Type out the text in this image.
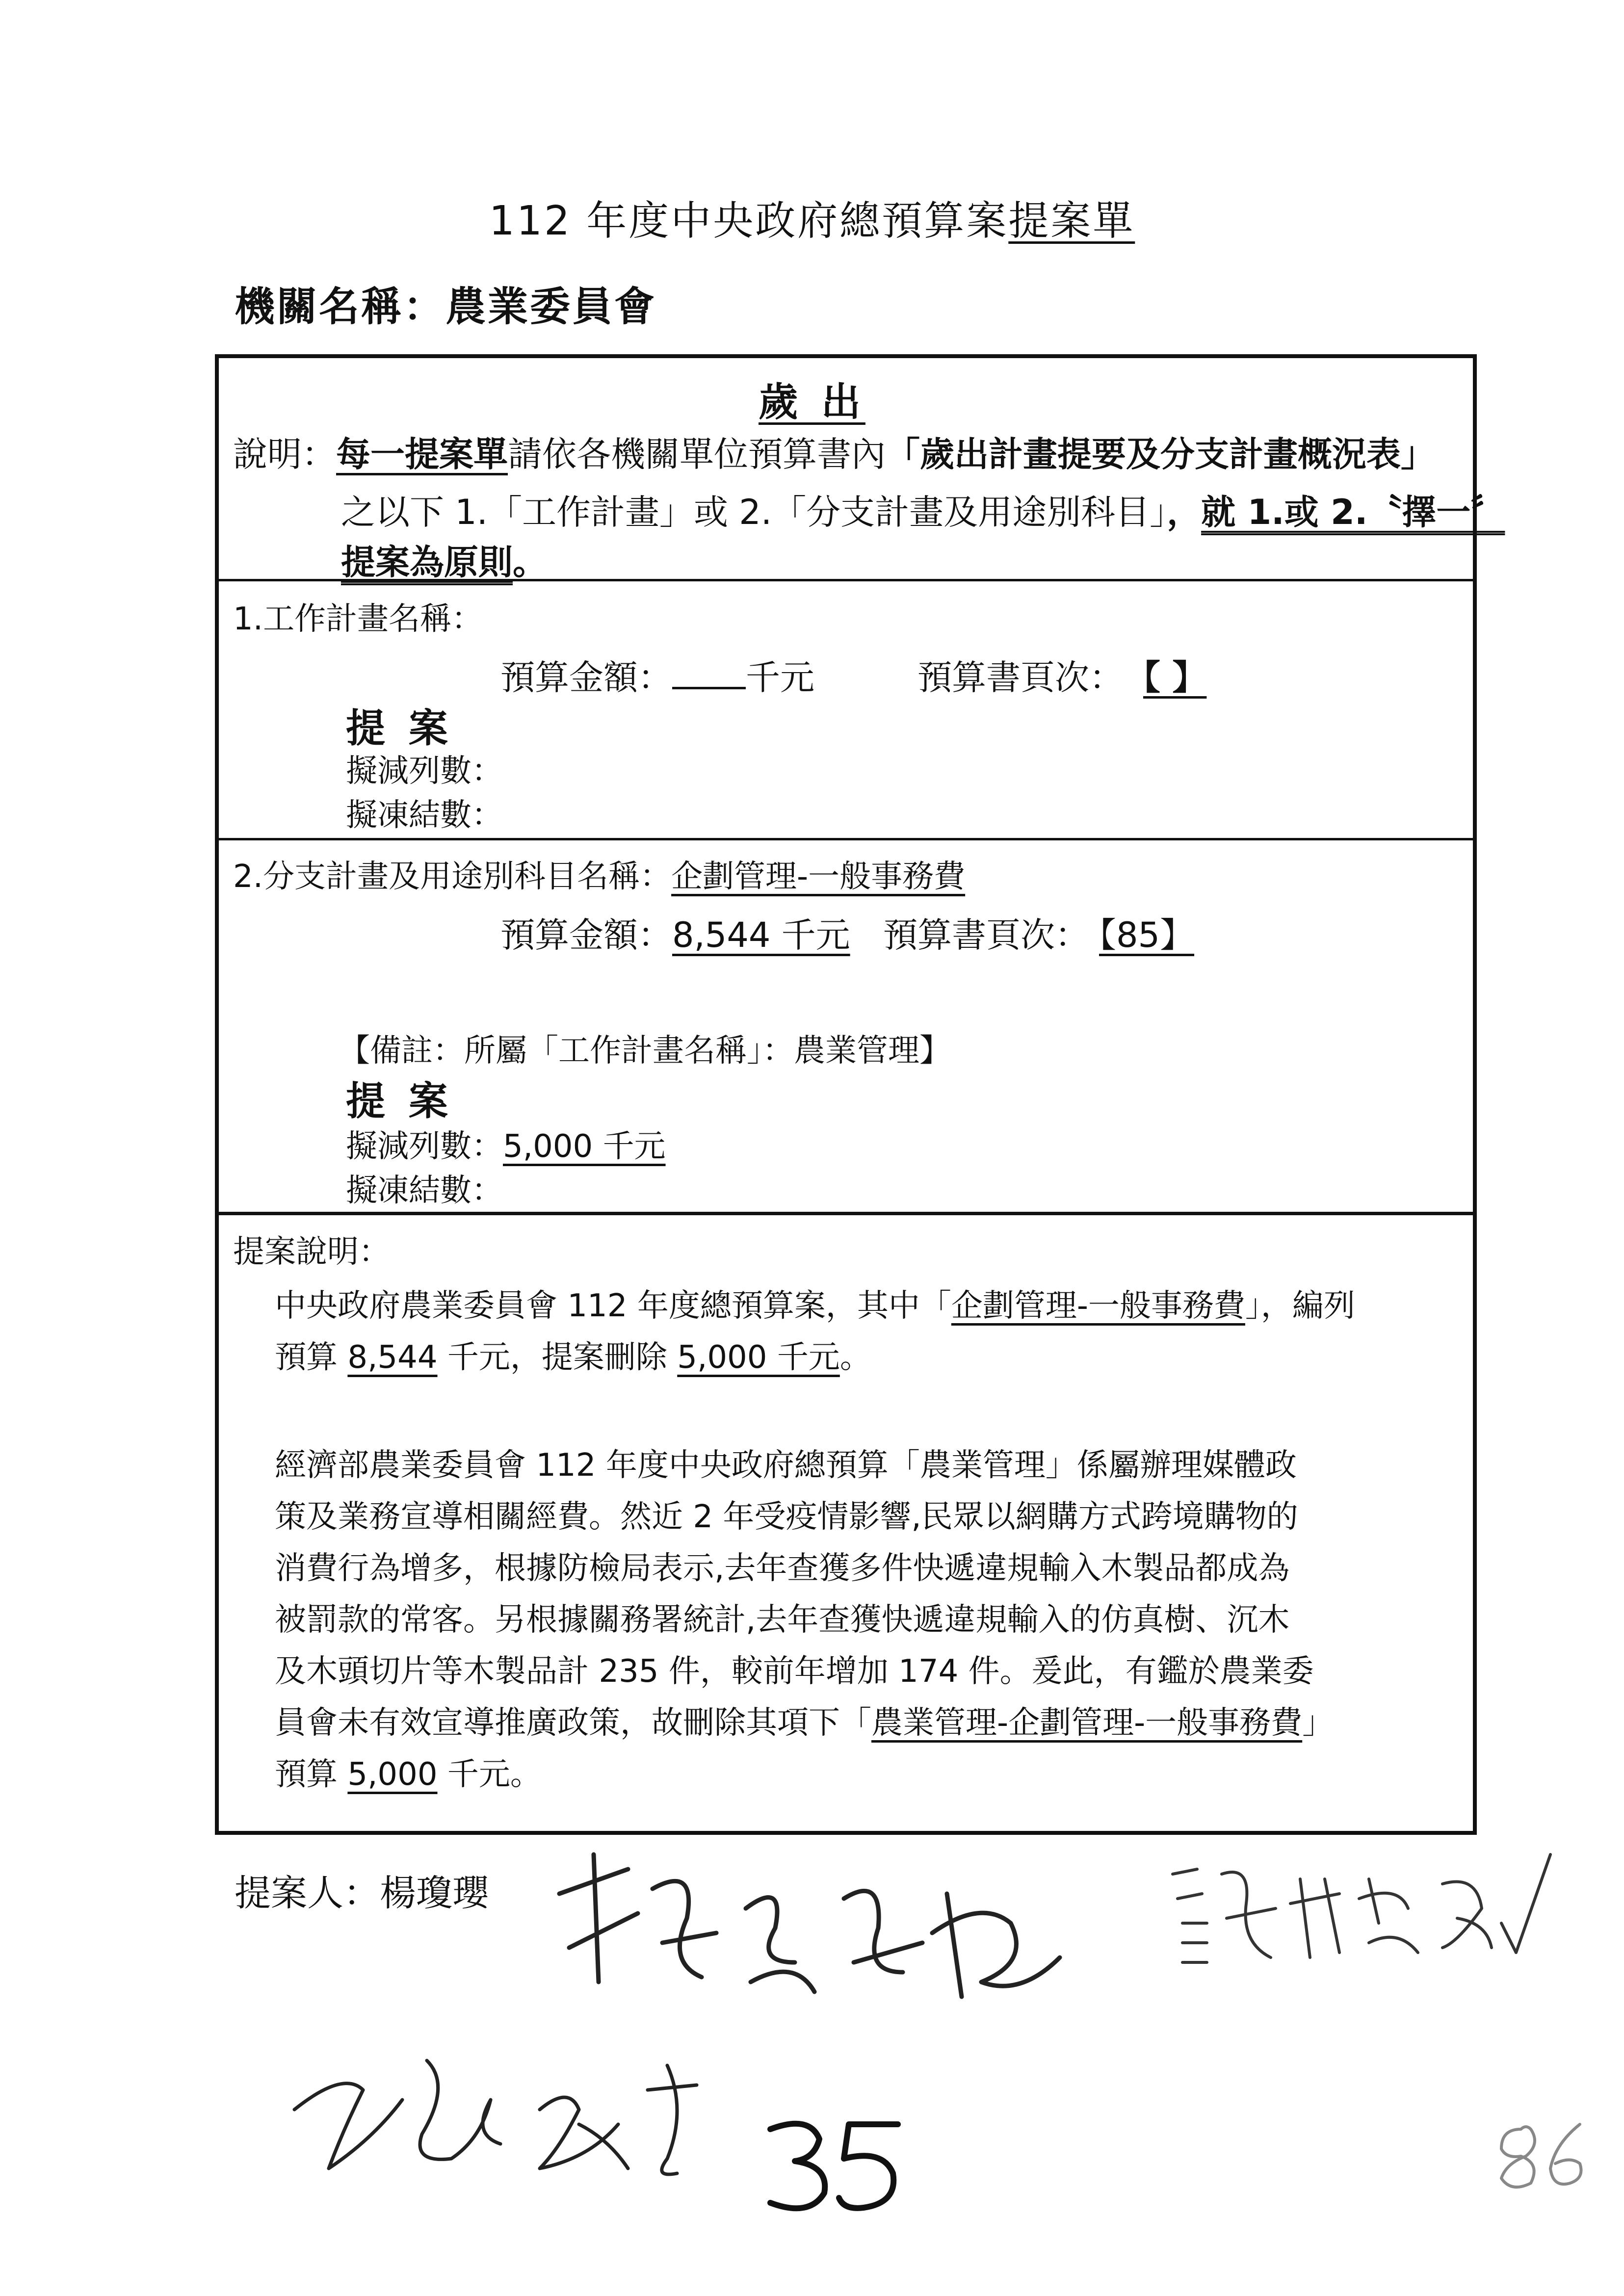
112 年度中央政府總預算案提案單
機關名稱：農業委員會
歲 出
說明：每一提案單請依各機關單位預算書內「歲出計畫提要及分支計畫概況表」
之以下 1.「工作計畫」或 2.「分支計畫及用途別科目」，就 1.或 2.〝擇一〞
提案為原則。
1.工作計畫名稱：
預算金額： 千元	預算書頁次： 【 】
提 案
擬減列數：
擬凍結數：
2.分支計畫及用途別科目名稱：企劃管理-一般事務費
預算金額：8,544 千元 預算書頁次： 【85】
【備註：所屬「工作計畫名稱」：農業管理】
提 案
擬減列數：5,000 千元
擬凍結數：
提案說明：
中央政府農業委員會 112 年度總預算案，其中「企劃管理-一般事務費」，編列
預算 8,544 千元，提案刪除 5,000 千元。
經濟部農業委員會 112 年度中央政府總預算「農業管理」係屬辦理媒體政
策及業務宣導相關經費。然近 2 年受疫情影響,民眾以網購方式跨境購物的
消費行為增多，根據防檢局表示,去年查獲多件快遞違規輸入木製品都成為
被罰款的常客。另根據關務署統計,去年查獲快遞違規輸入的仿真樹、沉木
及木頭切片等木製品計 235 件，較前年增加 174 件。爰此，有鑑於農業委
員會未有效宣導推廣政策，故刪除其項下「農業管理-企劃管理-一般事務費」
預算 5,000 千元。
提案人：楊瓊瓔
